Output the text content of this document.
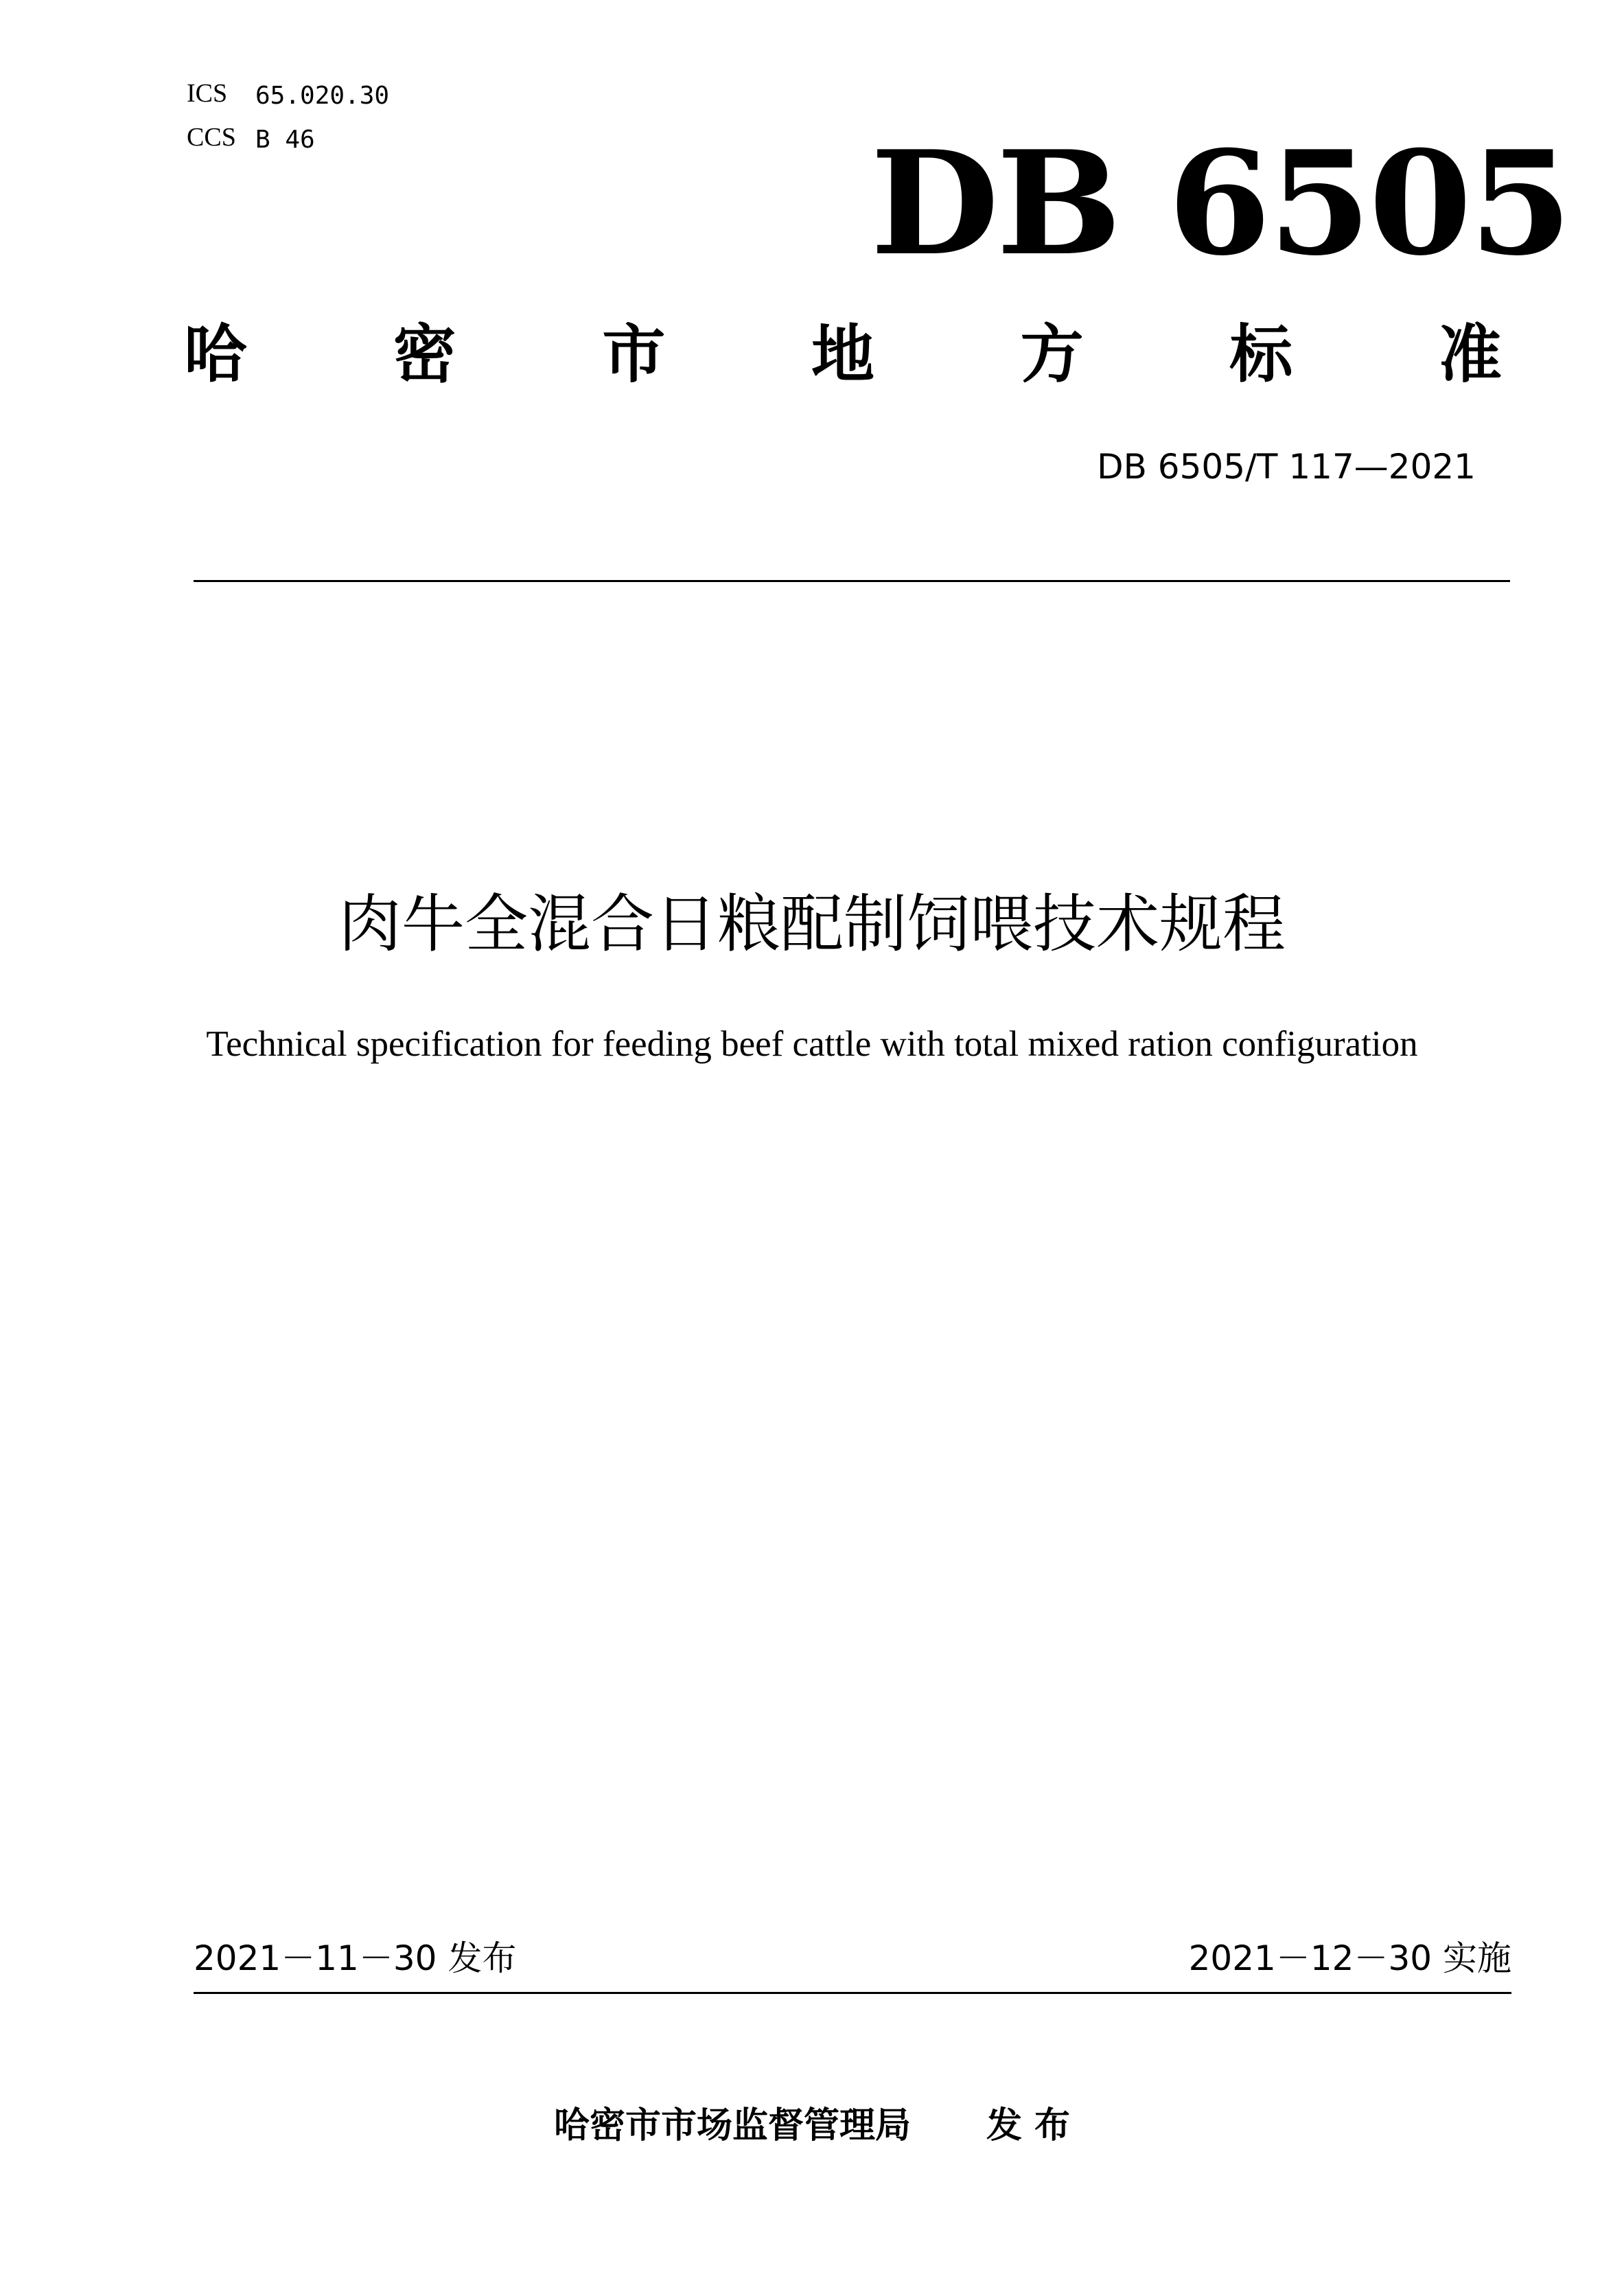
ICS 65.020.30
CCS B 46	DB 6505
哈 密 市 地 方 标 准
DB 6505/T 117—2021
肉牛全混合日粮配制饲喂技术规程
Technical specification for feeding beef cattle with total mixed ration configuration
2021－11－30 发布	2021－12－30 实施
哈密市市场监督管理局 发 布
